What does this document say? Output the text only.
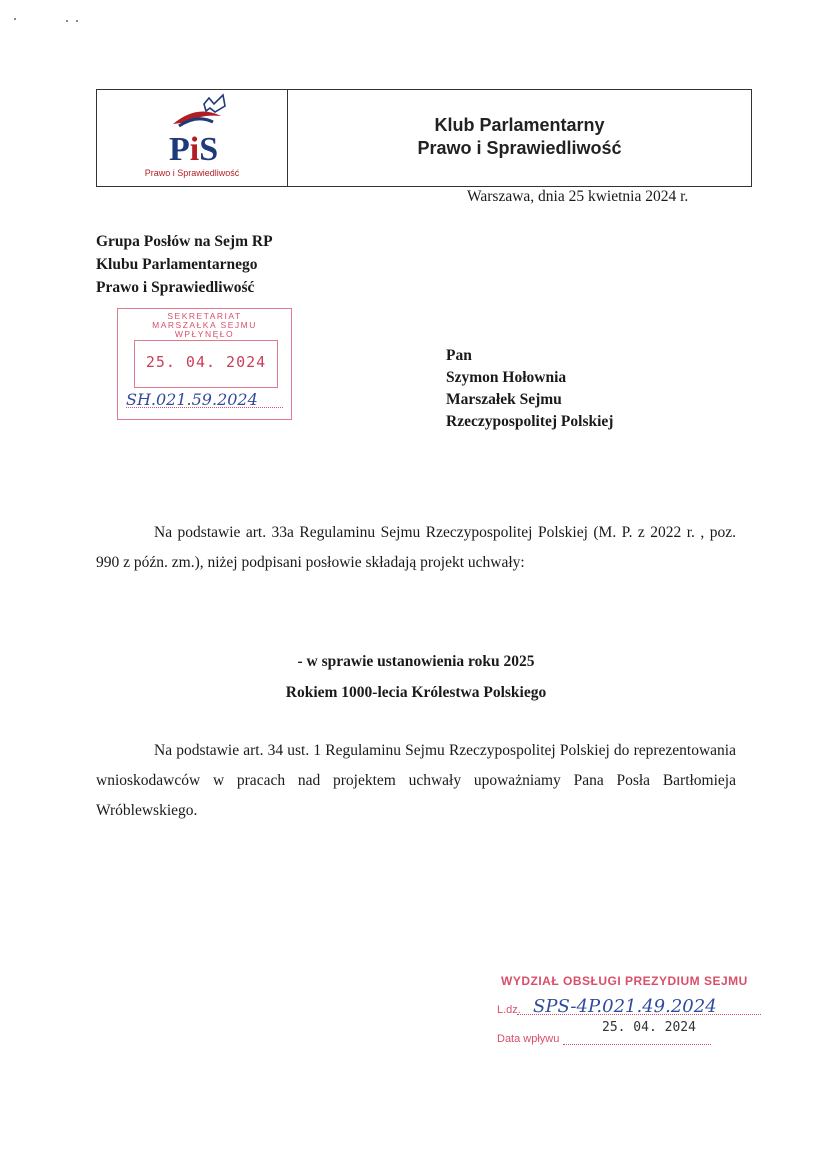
PiS
Prawo i Sprawiedliwość
Klub Parlamentarny
Prawo i Sprawiedliwość
Warszawa, dnia 25 kwietnia 2024 r.
Grupa Posłów na Sejm RP
Klubu Parlamentarnego
Prawo i Sprawiedliwość
SEKRETARIAT
MARSZAŁKA SEJMU
WPŁYNĘŁO
25. 04. 2024
SH.021.59.2024
Pan
Szymon Hołownia
Marszałek Sejmu
Rzeczypospolitej Polskiej
Na podstawie art. 33a Regulaminu Sejmu Rzeczypospolitej Polskiej (M. P. z 2022 r. , poz. 990 z późn. zm.), niżej podpisani posłowie składają projekt uchwały:
- w sprawie ustanowienia roku 2025
Rokiem 1000-lecia Królestwa Polskiego
Na podstawie art. 34 ust. 1 Regulaminu Sejmu Rzeczypospolitej Polskiej do reprezentowania wnioskodawców w pracach nad projektem uchwały upoważniamy Pana Posła Bartłomieja Wróblewskiego.
WYDZIAŁ OBSŁUGI PREZYDIUM SEJMU
L.dz. SPS-4P.021.49.2024
25. 04. 2024
Data wpływu
